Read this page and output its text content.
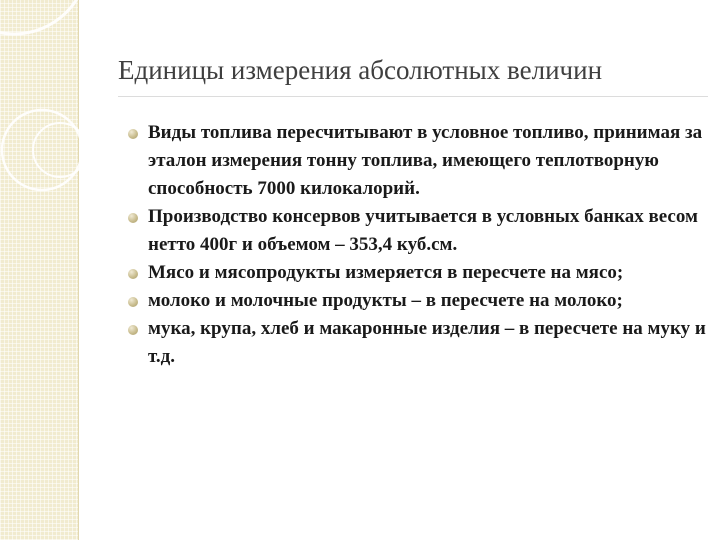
Единицы измерения абсолютных величин
Виды топлива пересчитывают в условное топливо, принимая за эталон измерения тонну топлива, имеющего теплотворную способность 7000 килокалорий.
Производство консервов учитывается в условных банках весом нетто 400г и объемом – 353,4 куб.см.
Мясо и мясопродукты измеряется в пересчете на мясо;
молоко и молочные продукты – в пересчете на молоко;
мука, крупа, хлеб и макаронные изделия – в пересчете на муку и т.д.
